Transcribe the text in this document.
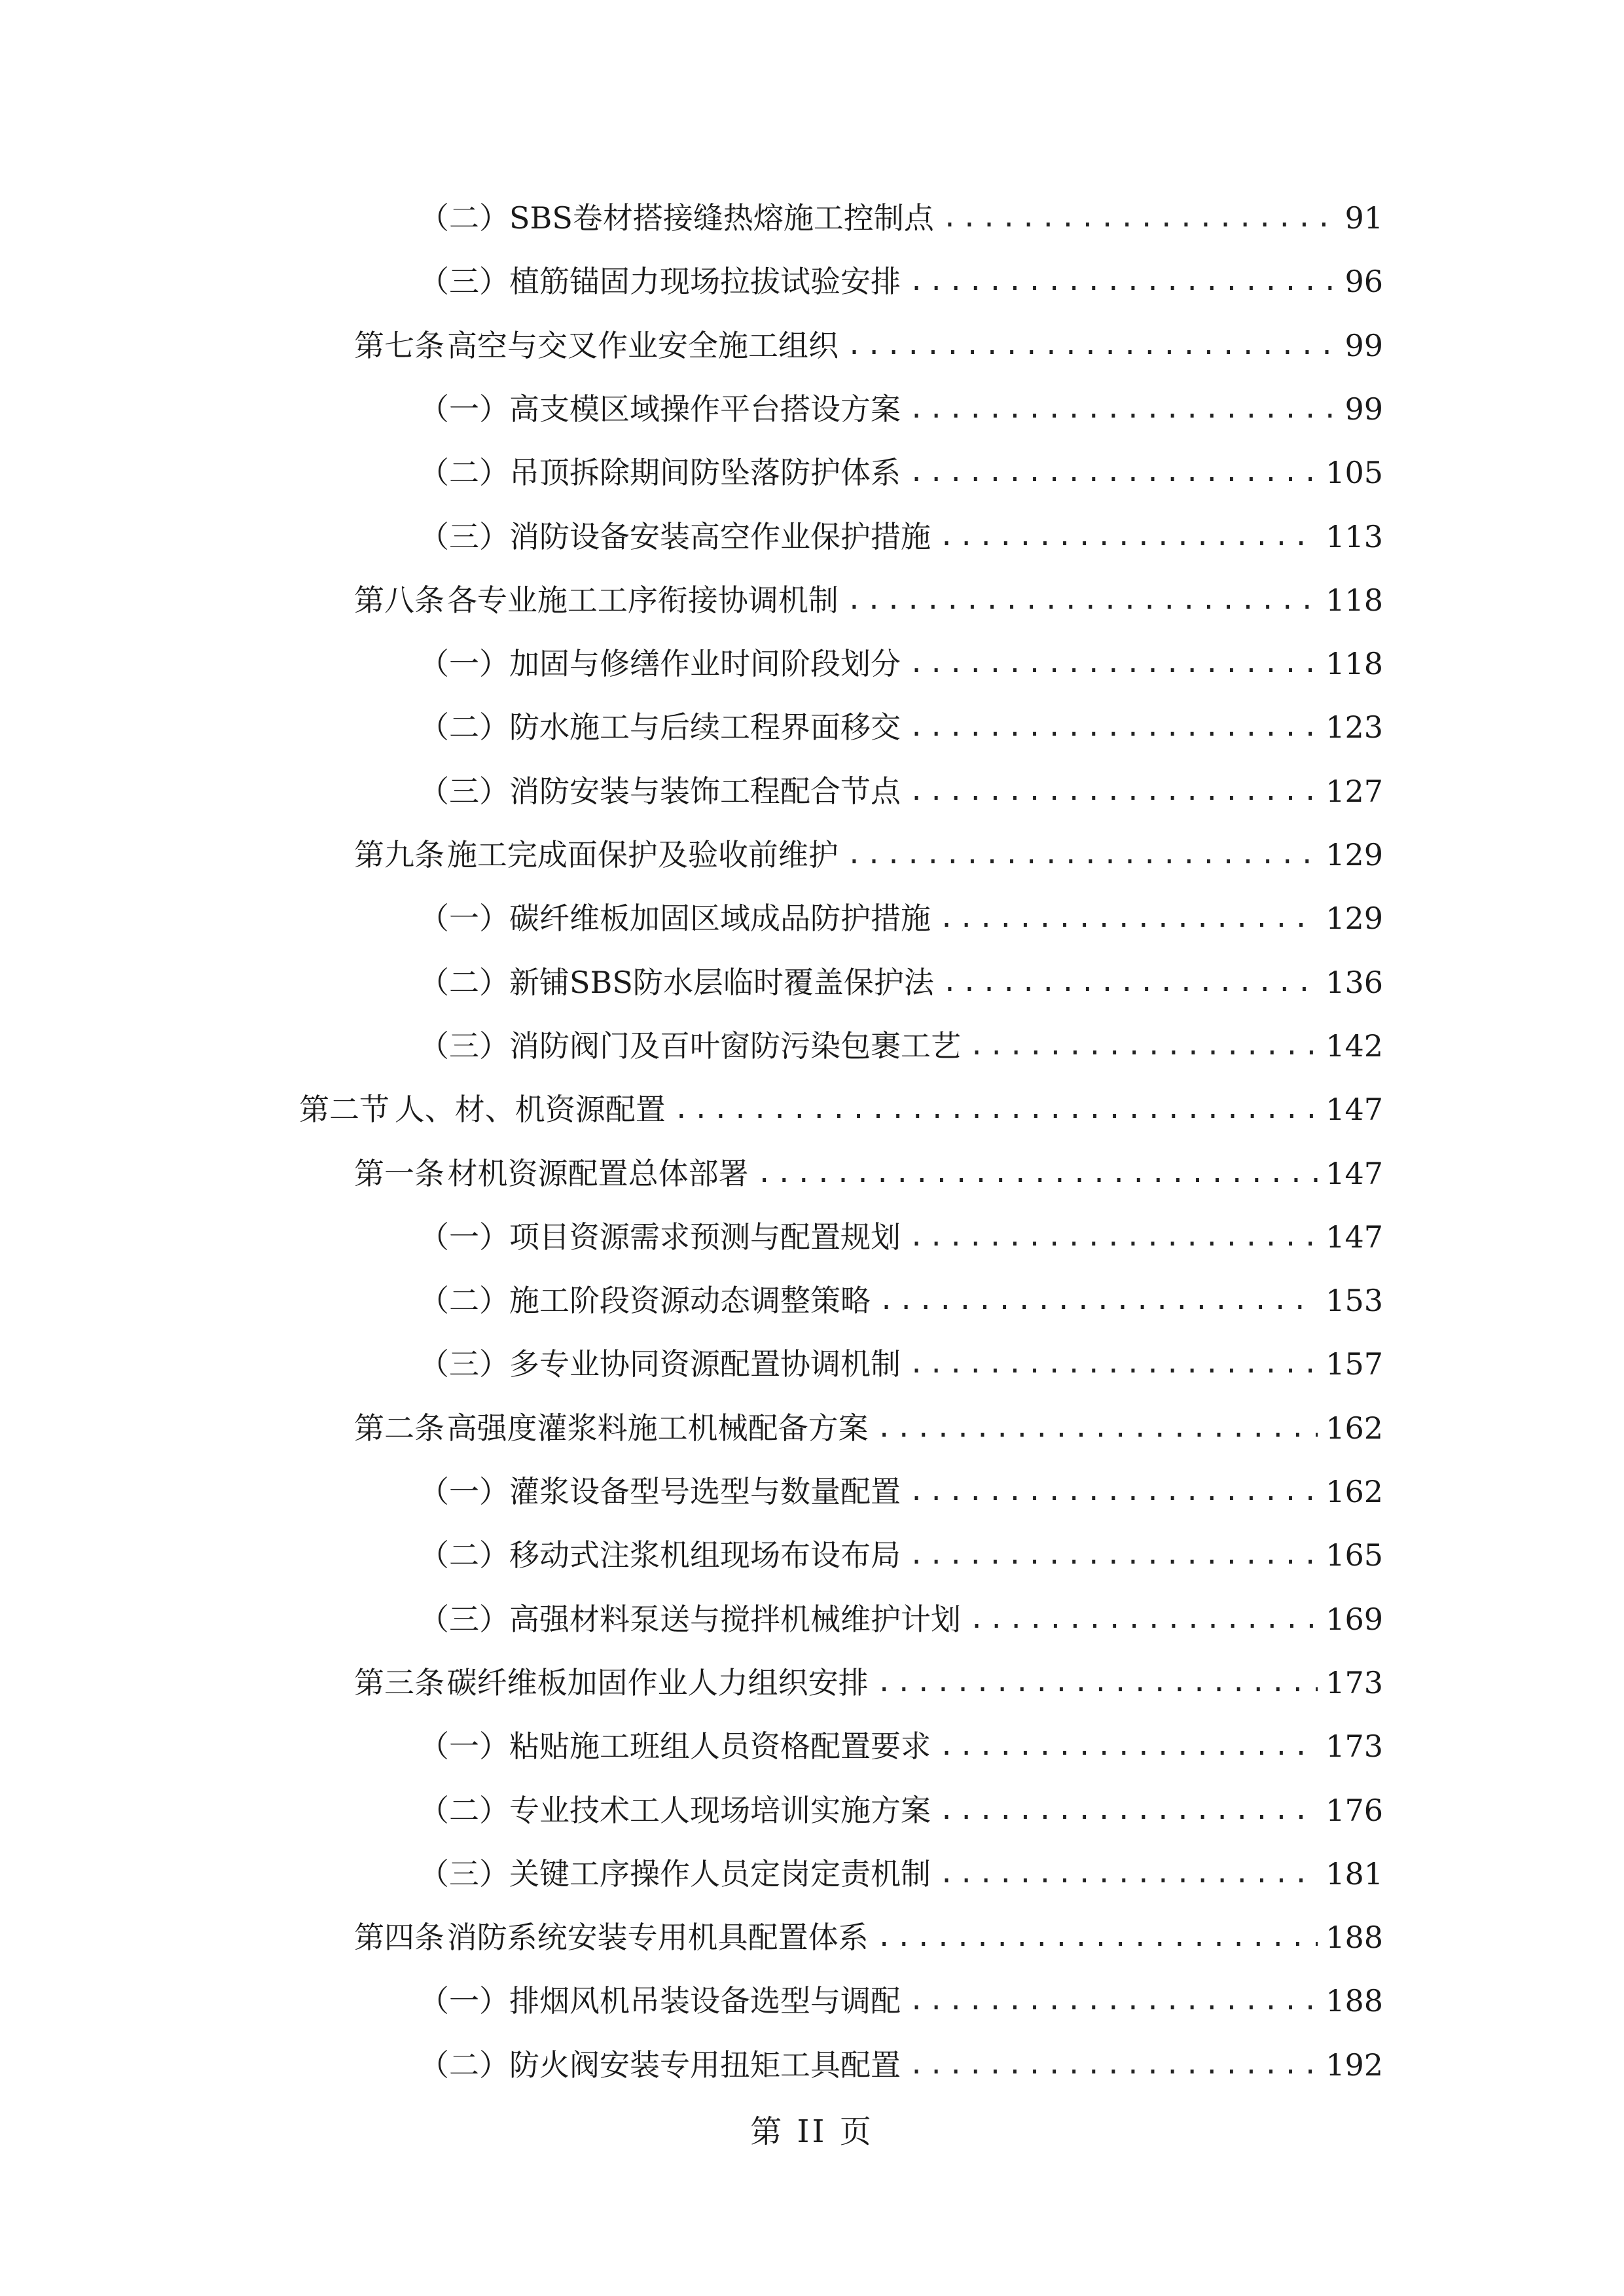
（二） SBS卷材搭接缝热熔施工控制点 .....	91
（三） 植筋锚固力现场拉拔试验安排 .....	96
第七条 高空与交叉作业安全施工组织 .....	99
（一） 高支模区域操作平台搭设方案 .....	99
（二） 吊顶拆除期间防坠落防护体系 .....	105
（三） 消防设备安装高空作业保护措施 .....	113
第八条 各专业施工工序衔接协调机制 .....	118
（一） 加固与修缮作业时间阶段划分 .....	118
（二） 防水施工与后续工程界面移交 .....	123
（三） 消防安装与装饰工程配合节点 .....	127
第九条 施工完成面保护及验收前维护 .....	129
（一） 碳纤维板加固区域成品防护措施 .....	129
（二） 新铺SBS防水层临时覆盖保护法 .....	136
（三） 消防阀门及百叶窗防污染包裹工艺 .....	142
第二节 人、材、机资源配置 .....	147
第一条 材机资源配置总体部署 .....	147
（一） 项目资源需求预测与配置规划 .....	147
（二） 施工阶段资源动态调整策略 .....	153
（三） 多专业协同资源配置协调机制 .....	157
第二条 高强度灌浆料施工机械配备方案 .....	162
（一） 灌浆设备型号选型与数量配置 .....	162
（二） 移动式注浆机组现场布设布局 .....	165
（三） 高强材料泵送与搅拌机械维护计划 .....	169
第三条 碳纤维板加固作业人力组织安排 .....	173
（一） 粘贴施工班组人员资格配置要求 .....	173
（二） 专业技术工人现场培训实施方案 .....	176
（三） 关键工序操作人员定岗定责机制 .....	181
第四条 消防系统安装专用机具配置体系 .....	188
（一） 排烟风机吊装设备选型与调配 .....	188
（二） 防火阀安装专用扭矩工具配置 .....	192
第 II 页
